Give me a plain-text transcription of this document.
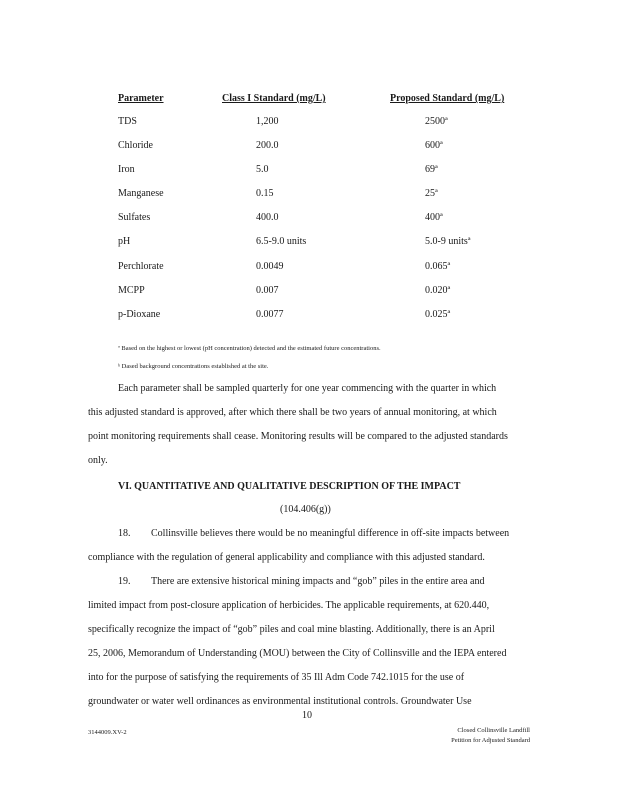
Parameter	Class I Standard (mg/L)	Proposed Standard (mg/L)
TDS	1,200	2500ª
Chloride	200.0	600ª
Iron	5.0	69ª
Manganese	0.15	25ª
Sulfates	400.0	400ª
pH	6.5-9.0 units	5.0-9 unitsª
Perchlorate	0.0049	0.065ª
MCPP	0.007	0.020ª
p-Dioxane	0.0077	0.025ª
ª Based on the highest or lowest (pH concentration) detected and the estimated future concentrations.
ᵇ Dased background concentrations established at the site.
Each parameter shall be sampled quarterly for one year commencing with the quarter in which
this adjusted standard is approved, after which there shall be two years of annual monitoring, at which
point monitoring requirements shall cease. Monitoring results will be compared to the adjusted standards
only.
VI. QUANTITATIVE AND QUALITATIVE DESCRIPTION OF THE IMPACT
(104.406(g))
18. Collinsville believes there would be no meaningful difference in off-site impacts between
compliance with the regulation of general applicability and compliance with this adjusted standard.
19. There are extensive historical mining impacts and “gob” piles in the entire area and
limited impact from post-closure application of herbicides. The applicable requirements, at 620.440,
specifically recognize the impact of “gob” piles and coal mine blasting. Additionally, there is an April
25, 2006, Memorandum of Understanding (MOU) between the City of Collinsville and the IEPA entered
into for the purpose of satisfying the requirements of 35 Ill Adm Code 742.1015 for the use of
groundwater or water well ordinances as environmental institutional controls. Groundwater Use
10
3144009.XV-2	Closed Collinsville Landfill
Petition for Adjusted Standard
